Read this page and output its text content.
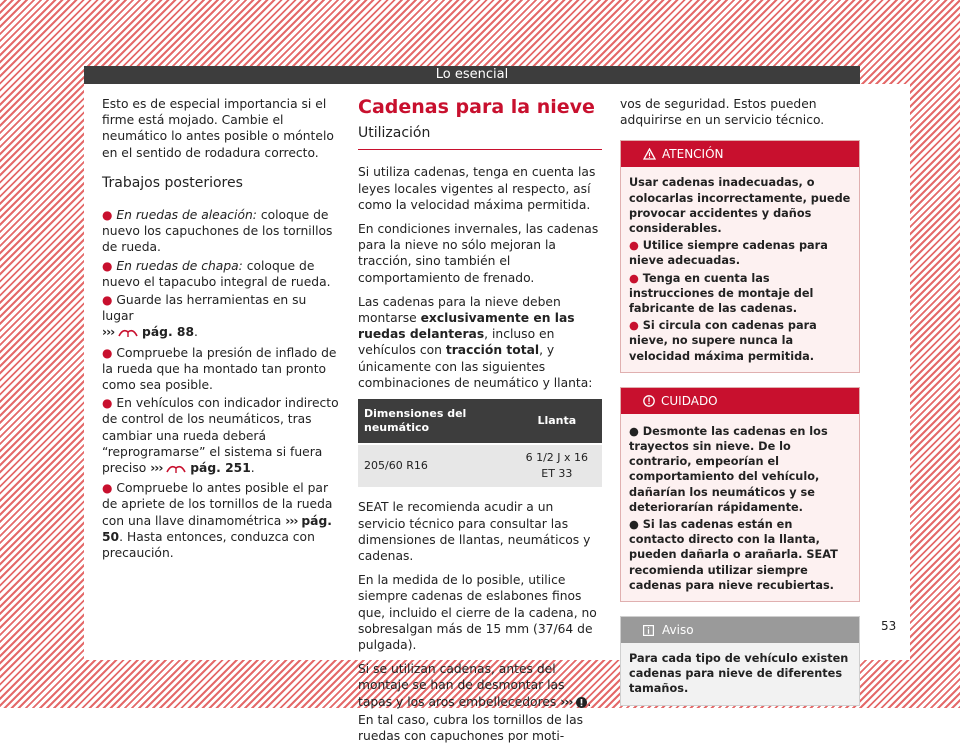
Lo esencial

Esto es de especial importancia si el firme está mojado. Cambie el neumático lo antes posible o móntelo en el sentido de rodadura correcto.

Trabajos posteriores

● En ruedas de aleación: coloque de nuevo los capuchones de los tornillos de rueda.

● En ruedas de chapa: coloque de nuevo el tapacubo integral de rueda.

● Guarde las herramientas en su lugar
››› pág. 88.

● Compruebe la presión de inflado de la rueda que ha montado tan pronto como sea posible.

● En vehículos con indicador indirecto de control de los neumáticos, tras cambiar una rueda deberá “reprogramarse” el sistema si fuera preciso ››› pág. 251.

● Compruebe lo antes posible el par de apriete de los tornillos de la rueda con una llave dinamométrica ››› pág. 50. Hasta entonces, conduzca con precaución.

Cadenas para la nieve
Utilización

Si utiliza cadenas, tenga en cuenta las leyes locales vigentes al respecto, así como la velocidad máxima permitida.

En condiciones invernales, las cadenas para la nieve no sólo mejoran la tracción, sino también el comportamiento de frenado.

Las cadenas para la nieve deben montarse exclusivamente en las ruedas delanteras, incluso en vehículos con tracción total, y únicamente con las siguientes combinaciones de neumático y llanta:

Dimensiones del neumático	Llanta
205/60 R16	6 1/2 J x 16 ET 33

SEAT le recomienda acudir a un servicio técnico para consultar las dimensiones de llantas, neumáticos y cadenas.

En la medida de lo posible, utilice siempre cadenas de eslabones finos que, incluido el cierre de la cadena, no sobresalgan más de 15 mm (37/64 de pulgada).

Si se utilizan cadenas, antes del montaje se han de desmontar las tapas y los aros embellecedores ››› . En tal caso, cubra los tornillos de las ruedas con capuchones por moti-

vos de seguridad. Estos pueden adquirirse en un servicio técnico.

ATENCIÓN
Usar cadenas inadecuadas, o colocarlas incorrectamente, puede provocar accidentes y daños considerables.
● Utilice siempre cadenas para nieve adecuadas.
● Tenga en cuenta las instrucciones de montaje del fabricante de las cadenas.
● Si circula con cadenas para nieve, no supere nunca la velocidad máxima permitida.
CUIDADO
● Desmonte las cadenas en los trayectos sin nieve. De lo contrario, empeorían el comportamiento del vehículo, dañarían los neumáticos y se deteriorarían rápidamente.
● Si las cadenas están en contacto directo con la llanta, pueden dañarla o arañarla. SEAT recomienda utilizar siempre cadenas para nieve recubiertas.
Aviso
Para cada tipo de vehículo existen cadenas para nieve de diferentes tamaños.
53
